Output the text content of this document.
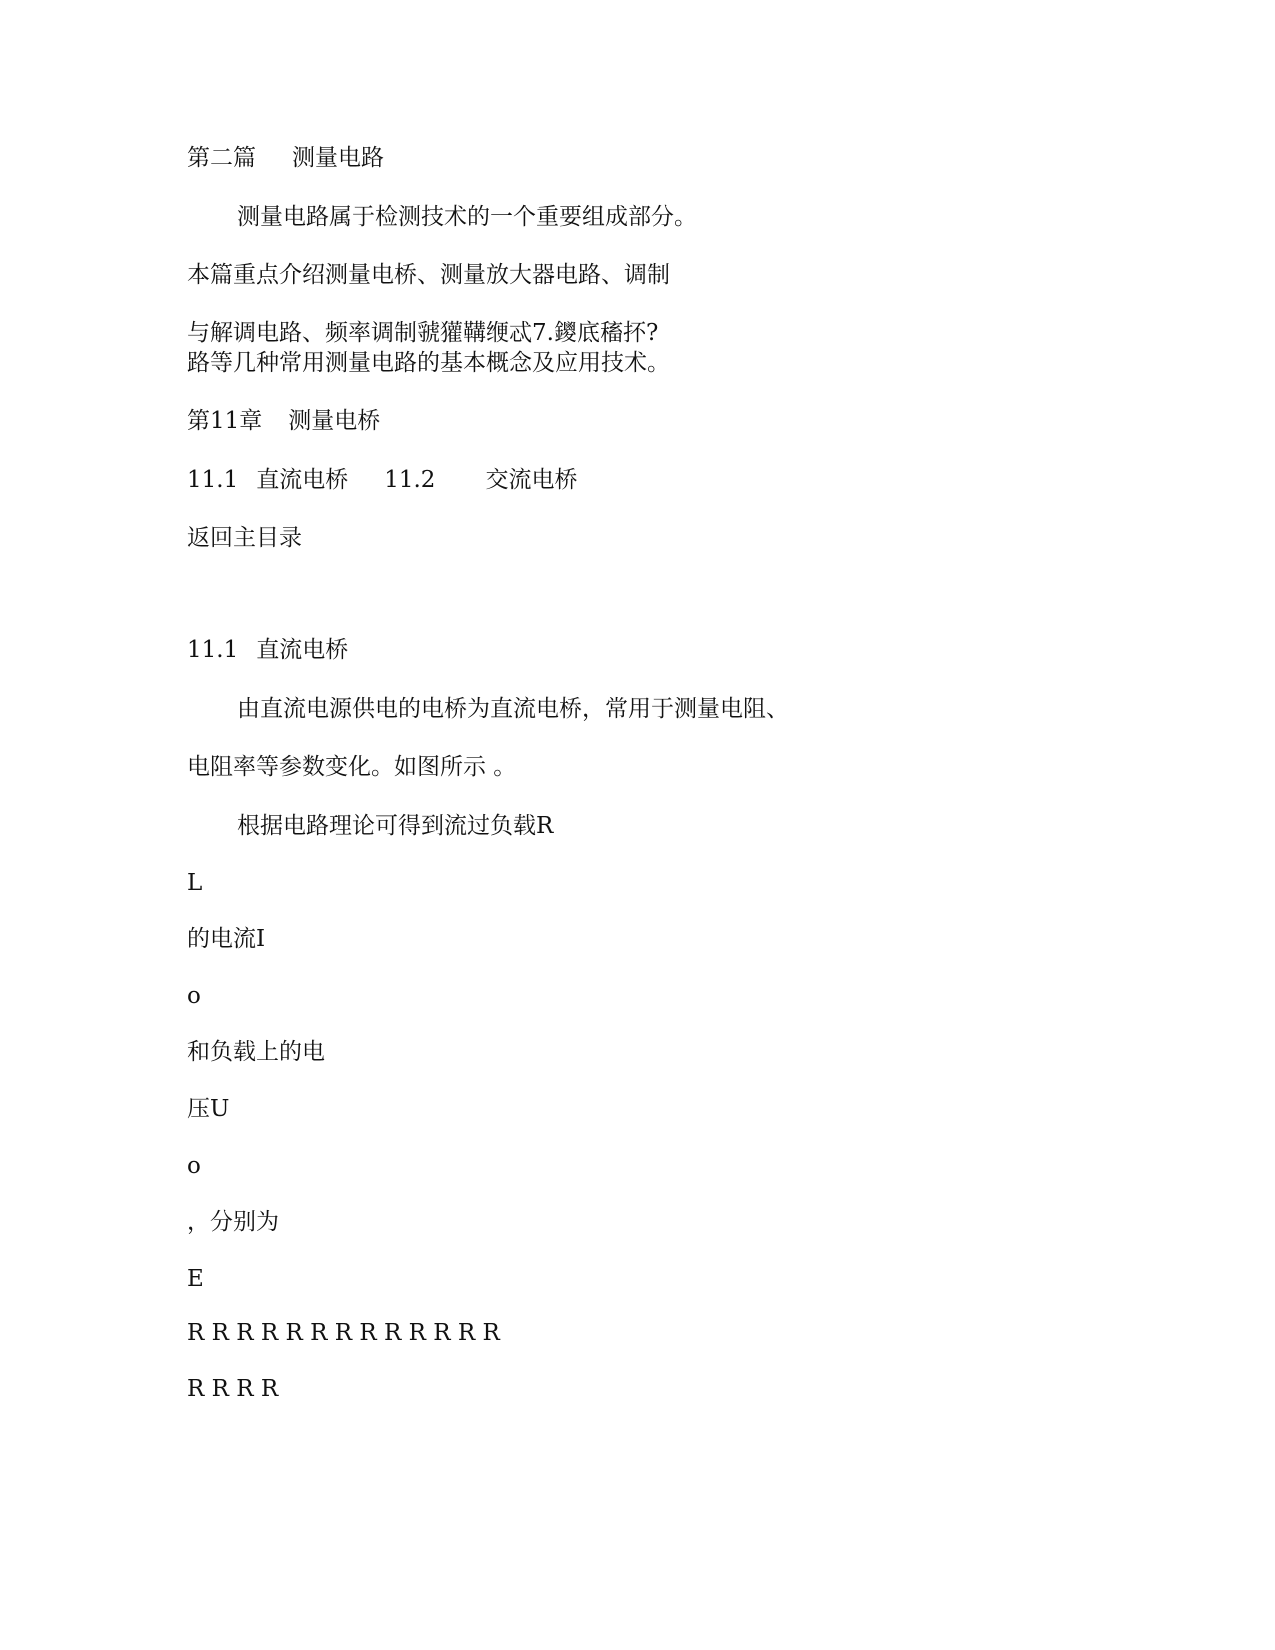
第二篇 测量电路
测量电路属于检测技术的一个重要组成部分。
本篇重点介绍测量电桥、测量放大器电路、调制
与解调电路、频率调制虢獾鞲缏忒7.鑁底稸抔?
路等几种常用测量电路的基本概念及应用技术。
第11章 测量电桥
11.1 直流电桥 11.2 交流电桥
返回主目录
11.1 直流电桥
由直流电源供电的电桥为直流电桥，常用于测量电阻、
电阻率等参数变化。如图所示 。
根据电路理论可得到流过负载R
L
的电流I
o
和负载上的电
压U
o
，分别为
E
R R R R R R R R R R R R R
R R R R
